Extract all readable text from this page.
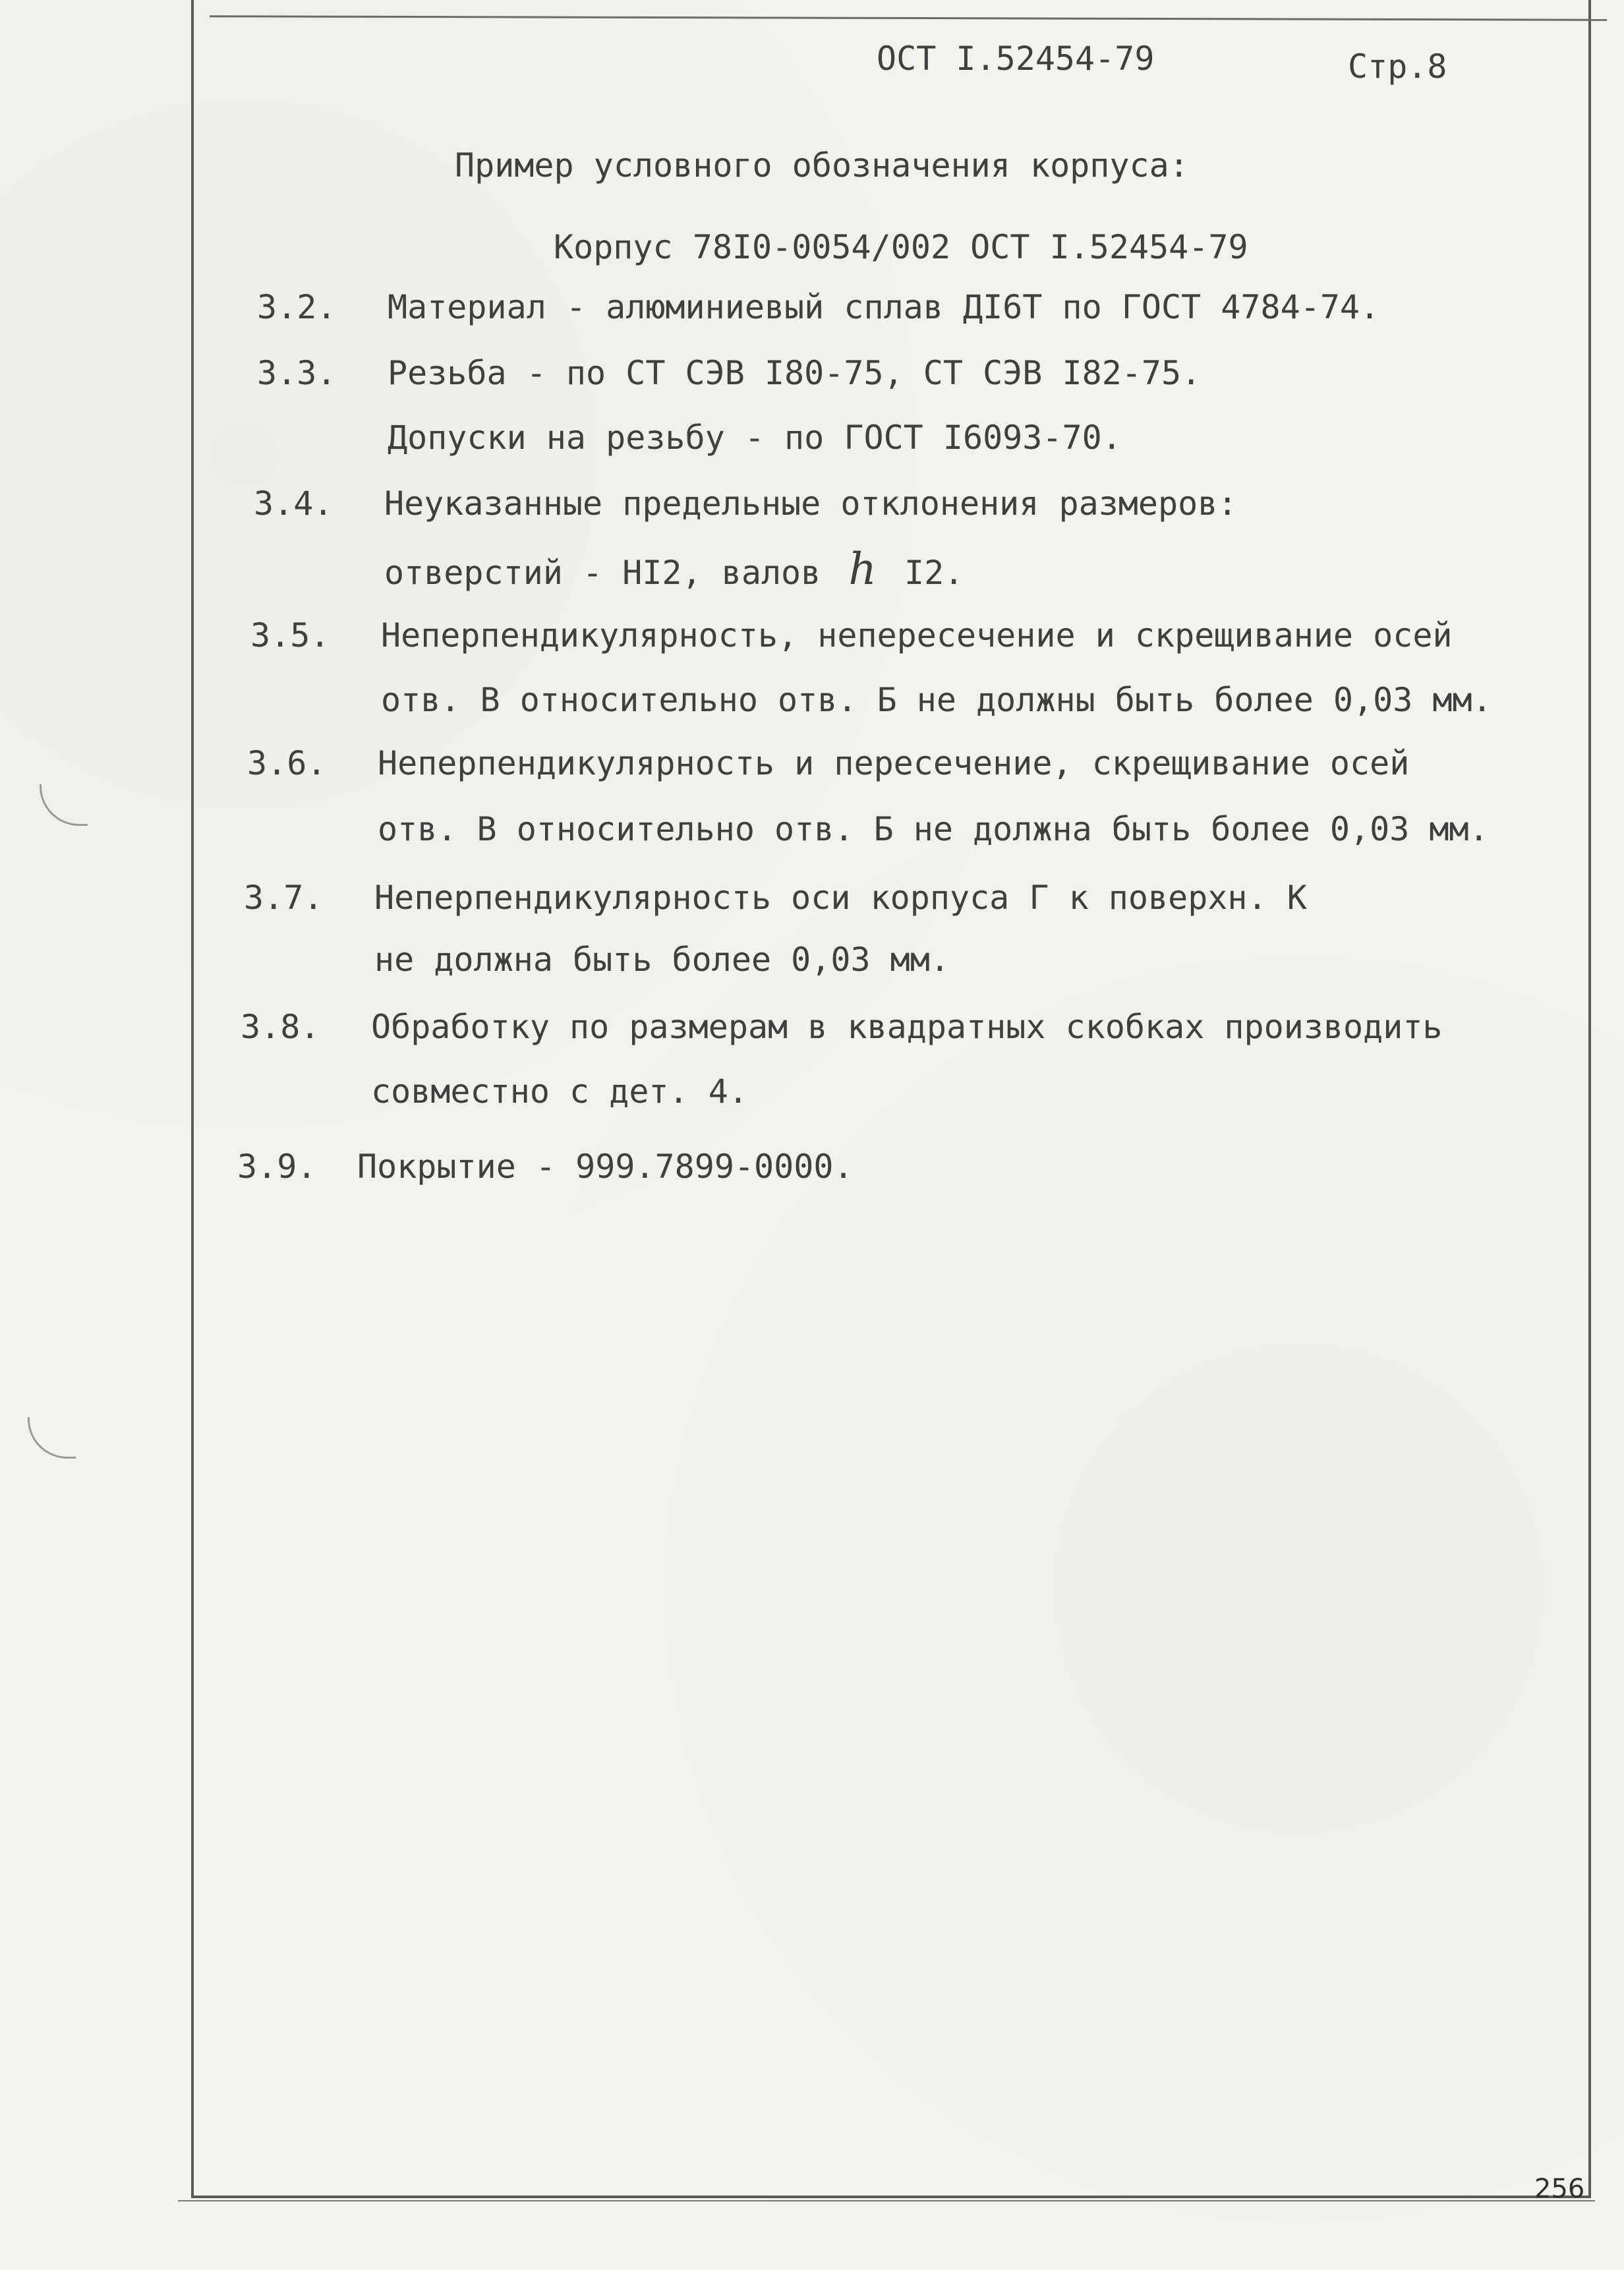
ОСТ I.52454-79	Стр.8
Пример условного обозначения корпуса:
Корпус 78I0-0054/002 ОСТ I.52454-79
3.2. Материал - алюминиевый сплав ДI6Т по ГОСТ 4784-74.
3.3. Резьба - по СТ СЭВ I80-75, СТ СЭВ I82-75.
Допуски на резьбу - по ГОСТ I6093-70.
3.4. Неуказанные предельные отклонения размеров:
отверстий - HI2, валов h I2.
3.5. Неперпендикулярность, непересечение и скрещивание осей
отв. В относительно отв. Б не должны быть более 0,03 мм.
3.6. Неперпендикулярность и пересечение, скрещивание осей
отв. В относительно отв. Б не должна быть более 0,03 мм.
3.7. Неперпендикулярность оси корпуса Г к поверхн. К
не должна быть более 0,03 мм.
3.8. Обработку по размерам в квадратных скобках производить
совместно с дет. 4.
3.9. Покрытие - 999.7899-0000.
256
